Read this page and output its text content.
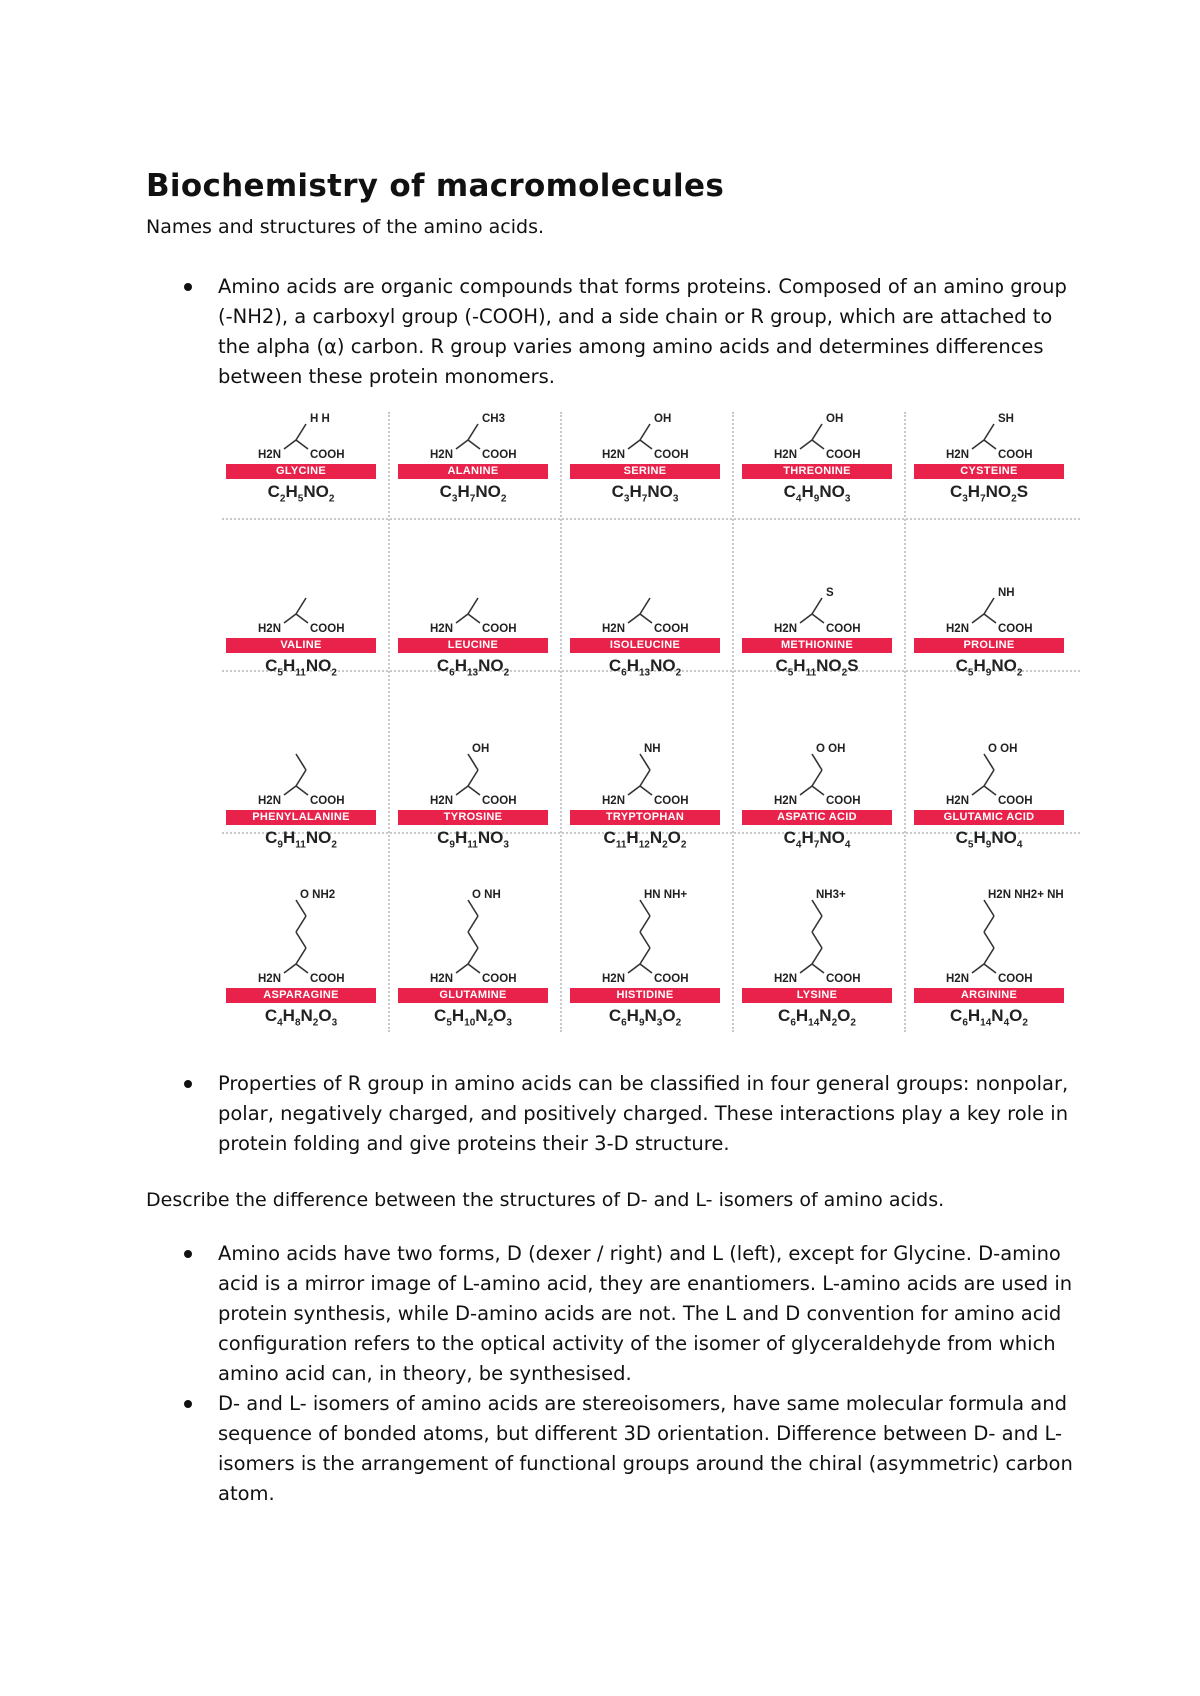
Biochemistry of macromolecules

Names and structures of the amino acids.

Amino acids are organic compounds that forms proteins. Composed of an amino group (-NH2), a carboxyl group (-COOH), and a side chain or R group, which are attached to the alpha (α) carbon. R group varies among amino acids and determines differences between these protein monomers.
H2N	COOH
H H
GLYCINE
$C_2H_5NO_2$
H2N	COOH
CH3
ALANINE
$C_3H_7NO_2$
H2N	COOH
OH
SERINE
$C_3H_7NO_3$
H2N	COOH
OH
THREONINE
$C_4H_9NO_3$
H2N	COOH
SH
CYSTEINE
$C_3H_7NO_2S$
H2N	COOH
VALINE
$C_5H_{11}NO_2$
H2N	COOH
LEUCINE
$C_6H_{13}NO_2$
H2N	COOH
ISOLEUCINE
$C_6H_{13}NO_2$
H2N	COOH
S
METHIONINE
$C_5H_{11}NO_2S$
H2N	COOH
NH
PROLINE
$C_5H_9NO_2$
H2N	COOH
PHENYLALANINE
$C_9H_{11}NO_2$
H2N	COOH
OH
TYROSINE
$C_9H_{11}NO_3$
H2N	COOH
NH
TRYPTOPHAN
$C_{11}H_{12}N_2O_2$
H2N	COOH
O OH
ASPATIC ACID
$C_4H_7NO_4$
H2N	COOH
O OH
GLUTAMIC ACID
$C_5H_9NO_4$
H2N	COOH
O NH2
ASPARAGINE
$C_4H_8N_2O_3$
H2N	COOH
O NH
GLUTAMINE
$C_5H_{10}N_2O_3$
H2N	COOH
HN NH+
HISTIDINE
$C_6H_9N_3O_2$
H2N	COOH
NH3+
LYSINE
$C_6H_{14}N_2O_2$
H2N	COOH
H2N NH2+ NH
ARGININE
$C_6H_{14}N_4O_2$
Properties of R group in amino acids can be classified in four general groups: nonpolar, polar, negatively charged, and positively charged. These interactions play a key role in protein folding and give proteins their 3-D structure.

Describe the difference between the structures of D- and L- isomers of amino acids.

Amino acids have two forms, D (dexer / right) and L (left), except for Glycine. D-amino acid is a mirror image of L-amino acid, they are enantiomers. L-amino acids are used in protein synthesis, while D-amino acids are not. The L and D convention for amino acid configuration refers to the optical activity of the isomer of glyceraldehyde from which amino acid can, in theory, be synthesised.
D- and L- isomers of amino acids are stereoisomers, have same molecular formula and sequence of bonded atoms, but different 3D orientation. Difference between D- and L- isomers is the arrangement of functional groups around the chiral (asymmetric) carbon atom.
